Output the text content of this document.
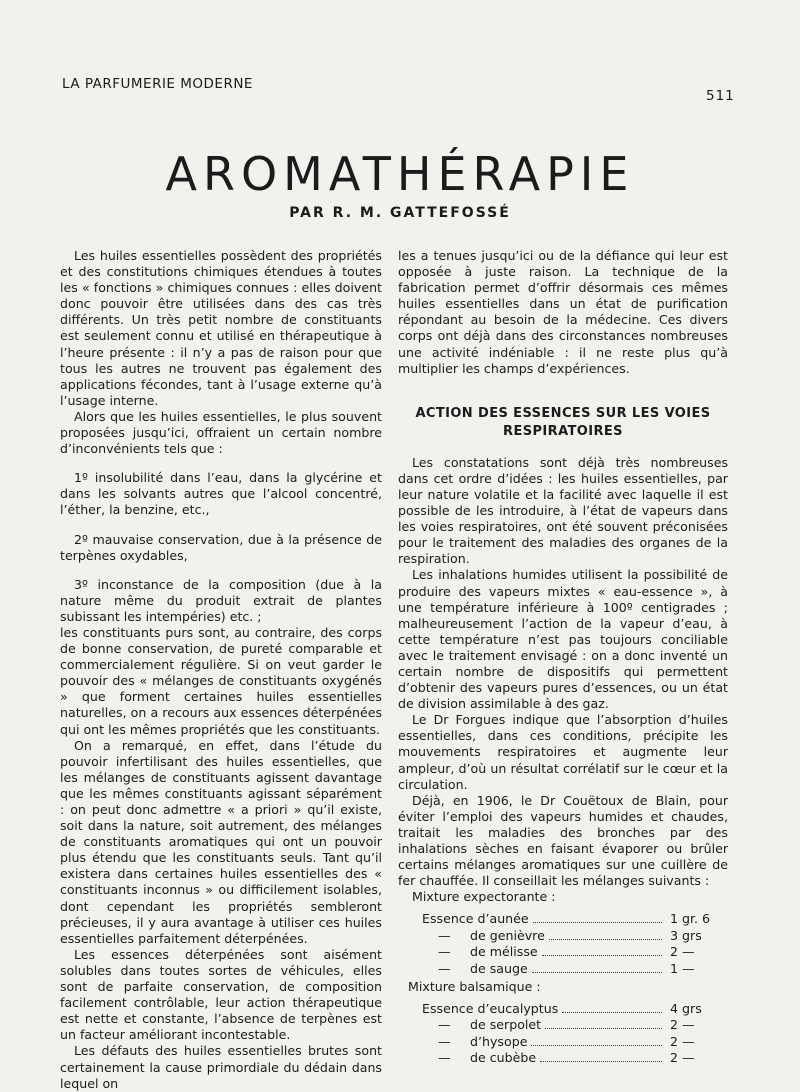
LA PARFUMERIE MODERNE
511
AROMATHÉRAPIE
PAR R. M. GATTEFOSSÉ

Les huiles essentielles possèdent des propriétés et des constitutions chimiques étendues à toutes les « fonctions » chimiques connues : elles doivent donc pouvoir être utilisées dans des cas très différents. Un très petit nombre de constituants est seulement connu et utilisé en thérapeutique à l’heure présente : il n’y a pas de raison pour que tous les autres ne trouvent pas également des applications fécondes, tant à l’usage externe qu’à l’usage interne.

Alors que les huiles essentielles, le plus souvent proposées jusqu’ici, offraient un certain nombre d’inconvénients tels que :

1º insolubilité dans l’eau, dans la glycérine et dans les solvants autres que l’alcool concentré, l’éther, la benzine, etc.,

2º mauvaise conservation, due à la présence de terpènes oxydables,

3º inconstance de la composition (due à la nature même du produit extrait de plantes subissant les intempéries) etc. ;

les constituants purs sont, au contraire, des corps de bonne conservation, de pureté comparable et commercialement régulière. Si on veut garder le pouvoir des « mélanges de constituants oxygénés » que forment certaines huiles essentielles naturelles, on a recours aux essences déterpénées qui ont les mêmes propriétés que les constituants.

On a remarqué, en effet, dans l’étude du pouvoir infertilisant des huiles essentielles, que les mélanges de constituants agissent davantage que les mêmes constituants agissant séparément : on peut donc admettre « a priori » qu’il existe, soit dans la nature, soit autrement, des mélanges de constituants aromatiques qui ont un pouvoir plus étendu que les constituants seuls. Tant qu’il existera dans certaines huiles essentielles des « constituants inconnus » ou difficilement isolables, dont cependant les propriétés sembleront précieuses, il y aura avantage à utiliser ces huiles essentielles parfaitement déterpénées.

Les essences déterpénées sont aisément solubles dans toutes sortes de véhicules, elles sont de parfaite conservation, de composition facilement contrôlable, leur action thérapeutique est nette et constante, l’absence de terpènes est un facteur améliorant incontestable.

Les défauts des huiles essentielles brutes sont certainement la cause primordiale du dédain dans lequel on

les a tenues jusqu’ici ou de la défiance qui leur est opposée à juste raison. La technique de la fabrication permet d’offrir désormais ces mêmes huiles essentielles dans un état de purification répondant au besoin de la médecine. Ces divers corps ont déjà dans des circonstances nombreuses une activité indéniable : il ne reste plus qu’à multiplier les champs d’expériences.

ACTION DES ESSENCES SUR LES VOIES RESPIRATOIRES

Les constatations sont déjà très nombreuses dans cet ordre d’idées : les huiles essentielles, par leur nature volatile et la facilité avec laquelle il est possible de les introduire, à l’état de vapeurs dans les voies respiratoires, ont été souvent préconisées pour le traitement des maladies des organes de la respiration.

Les inhalations humides utilisent la possibilité de produire des vapeurs mixtes « eau-essence », à une température inférieure à 100º centigrades ; malheureusement l’action de la vapeur d’eau, à cette température n’est pas toujours conciliable avec le traitement envisagé : on a donc inventé un certain nombre de dispositifs qui permettent d’obtenir des vapeurs pures d’essences, ou un état de division assimilable à des gaz.

Le Dr Forgues indique que l’absorption d’huiles essentielles, dans ces conditions, précipite les mouvements respiratoires et augmente leur ampleur, d’où un résultat corrélatif sur le cœur et la circulation.

Déjà, en 1906, le Dr Couëtoux de Blain, pour éviter l’emploi des vapeurs humides et chaudes, traitait les maladies des bronches par des inhalations sèches en faisant évaporer ou brûler certains mélanges aromatiques sur une cuillère de fer chauffée. Il conseillait les mélanges suivants :

Mixture expectorante :

Essence d’aunée	1 gr. 6
— de genièvre	3 grs
— de mélisse	2 —
— de sauge	1 —

Mixture balsamique :

Essence d’eucalyptus	4 grs
— de serpolet	2 —
— d’hysope	2 —
— de cubèbe	2 —
